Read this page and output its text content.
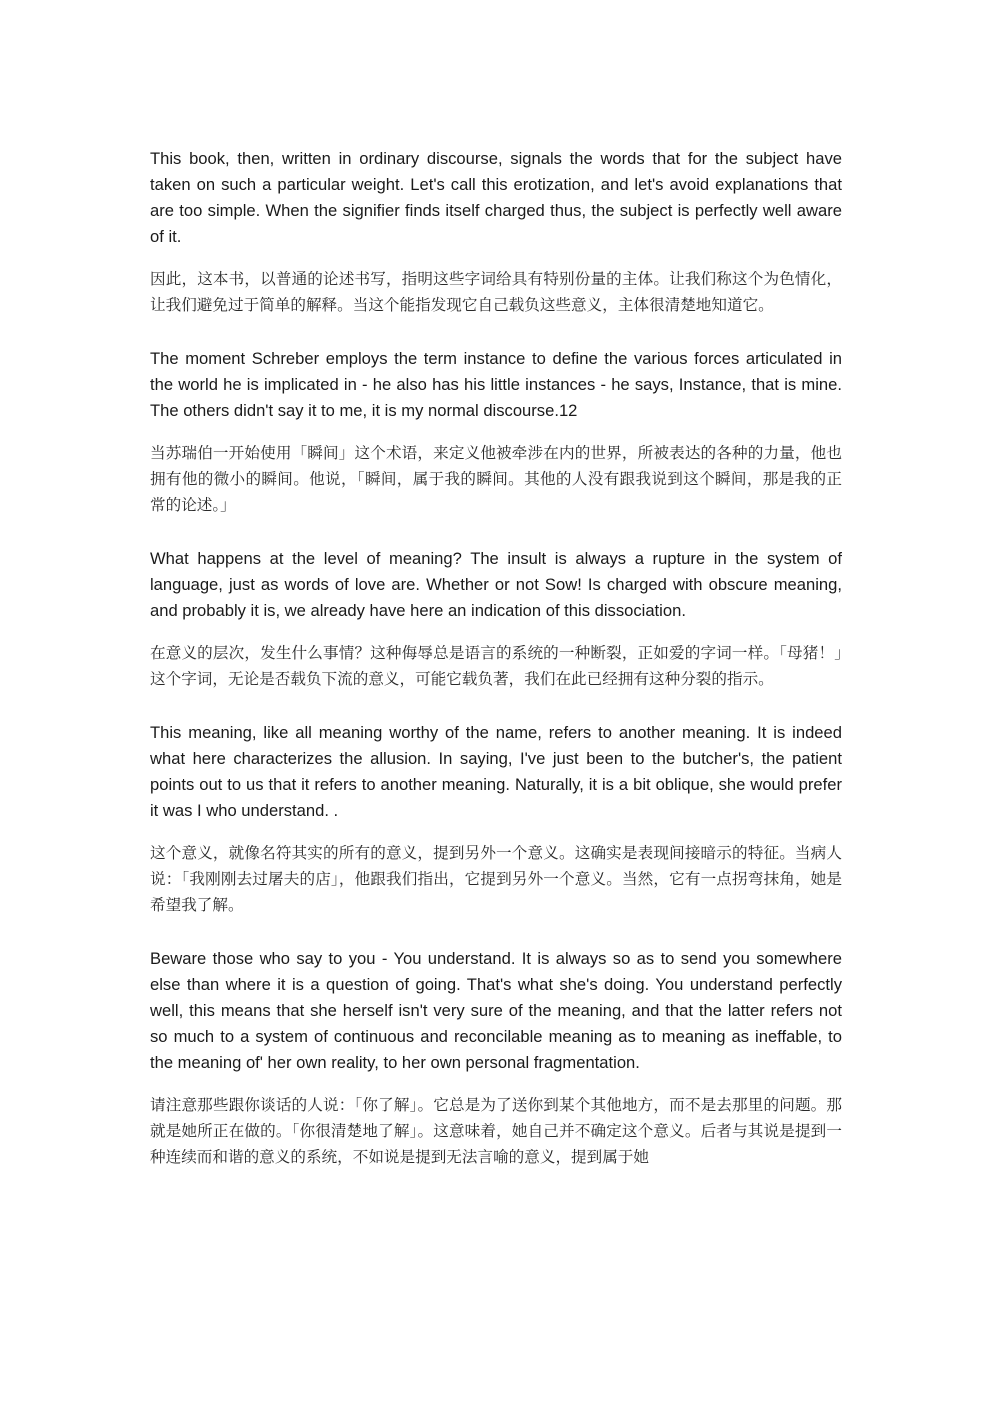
This book, then, written in ordinary discourse, signals the words that for the subject have taken on such a particular weight. Let's call this erotization, and let's avoid explanations that are too simple. When the signifier finds itself charged thus, the subject is perfectly well aware of it.

因此，这本书，以普通的论述书写，指明这些字词给具有特别份量的主体。让我们称这个为色情化，让我们避免过于简单的解释。当这个能指发现它自己载负这些意义，主体很清楚地知道它。

The moment Schreber employs the term instance to define the various forces articulated in the world he is implicated in - he also has his little instances - he says, Instance, that is mine. The others didn't say it to me, it is my normal discourse.12

当苏瑞伯一开始使用「瞬间」这个术语，来定义他被牵涉在内的世界，所被表达的各种的力量，他也拥有他的微小的瞬间。他说，「瞬间，属于我的瞬间。其他的人没有跟我说到这个瞬间，那是我的正常的论述。」

What happens at the level of meaning? The insult is always a rupture in the system of language, just as words of love are. Whether or not Sow! Is charged with obscure meaning, and probably it is, we already have here an indication of this dissociation.

在意义的层次，发生什么事情？这种侮辱总是语言的系统的一种断裂，正如爱的字词一样。「母猪！」这个字词，无论是否载负下流的意义，可能它载负著，我们在此已经拥有这种分裂的指示。

This meaning, like all meaning worthy of the name, refers to another meaning. It is indeed what here characterizes the allusion. In saying, I've just been to the butcher's, the patient points out to us that it refers to another meaning. Naturally, it is a bit oblique, she would prefer it was I who understand. .

这个意义，就像名符其实的所有的意义，提到另外一个意义。这确实是表现间接暗示的特征。当病人说：「我刚刚去过屠夫的店」，他跟我们指出，它提到另外一个意义。当然，它有一点拐弯抹角，她是希望我了解。

Beware those who say to you - You understand. It is always so as to send you somewhere else than where it is a question of going. That's what she's doing. You understand perfectly well, this means that she herself isn't very sure of the meaning, and that the latter refers not so much to a system of continuous and reconcilable meaning as to meaning as ineffable, to the meaning of' her own reality, to her own personal fragmentation.

请注意那些跟你谈话的人说：「你了解」。它总是为了送你到某个其他地方，而不是去那里的问题。那就是她所正在做的。「你很清楚地了解」。这意味着，她自己并不确定这个意义。后者与其说是提到一种连续而和谐的意义的系统，不如说是提到无法言喻的意义，提到属于她
